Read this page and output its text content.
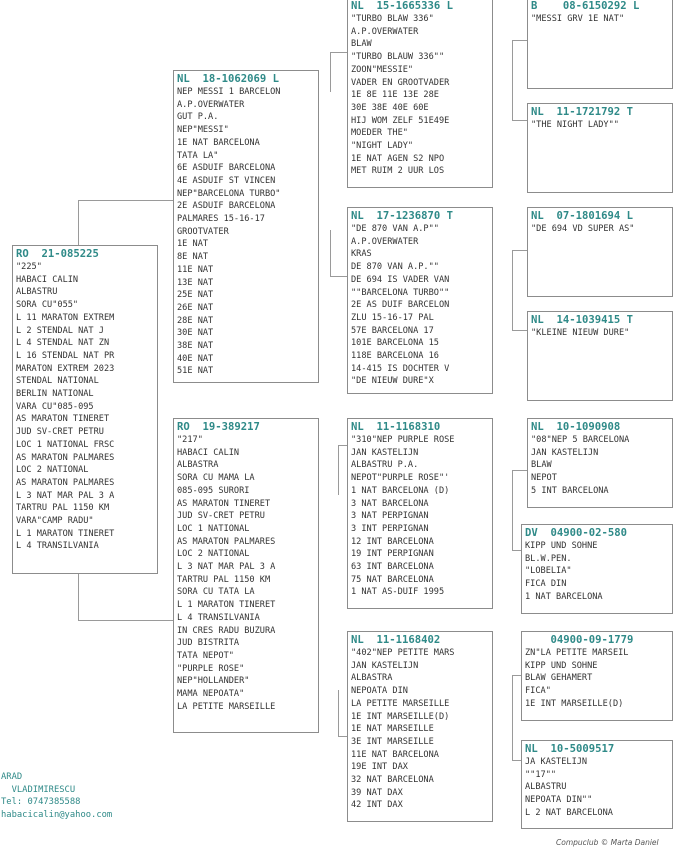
RO  21-085225
"225"
HABACI CALIN
ALBASTRU
SORA CU"055"
L 11 MARATON EXTREM
L 2 STENDAL NAT J
L 4 STENDAL NAT ZN
L 16 STENDAL NAT PR
MARATON EXTREM 2023
STENDAL NATIONAL
BERLIN NATIONAL
VARA CU"085-095
AS MARATON TINERET
JUD SV-CRET PETRU
LOC 1 NATIONAL FRSC
AS MARATON PALMARES
LOC 2 NATIONAL
AS MARATON PALMARES
L 3 NAT MAR PAL 3 A
TARTRU PAL 1150 KM
VARA"CAMP RADU"
L 1 MARATON TINERET
L 4 TRANSILVANIA
NL  18-1062069 L
NEP MESSI 1 BARCELON
A.P.OVERWATER
GUT P.A.
NEP"MESSI"
1E NAT BARCELONA
TATA LA"
6E ASDUIF BARCELONA
4E ASDUIF ST VINCEN
NEP"BARCELONA TURBO"
2E ASDUIF BARCELONA
PALMARES 15-16-17
GROOTVATER
1E NAT
8E NAT
11E NAT
13E NAT
25E NAT
26E NAT
28E NAT
30E NAT
38E NAT
40E NAT
51E NAT
RO  19-389217
"217"
HABACI CALIN
ALBASTRA
SORA CU MAMA LA
085-095 SURORI
AS MARATON TINERET
JUD SV-CRET PETRU
LOC 1 NATIONAL
AS MARATON PALMARES
LOC 2 NATIONAL
L 3 NAT MAR PAL 3 A
TARTRU PAL 1150 KM
SORA CU TATA LA
L 1 MARATON TINERET
L 4 TRANSILVANIA
IN CRES RADU BUZURA
JUD BISTRITA
TATA NEPOT"
"PURPLE ROSE"
NEP"HOLLANDER"
MAMA NEPOATA"
LA PETITE MARSEILLE
NL  15-1665336 L
"TURBO BLAW 336"
A.P.OVERWATER
BLAW
"TURBO BLAUW 336""
ZOON"MESSIE"
VADER EN GROOTVADER
1E 8E 11E 13E 28E
30E 38E 40E 60E
HIJ WOM ZELF 51E49E
MOEDER THE"
"NIGHT LADY"
1E NAT AGEN S2 NPO
MET RUIM 2 UUR LOS
NL  17-1236870 T
"DE 870 VAN A.P""
A.P.OVERWATER
KRAS
DE 870 VAN A.P.""
DE 694 IS VADER VAN
""BARCELONA TURBO""
2E AS DUIF BARCELON
ZLU 15-16-17 PAL
57E BARCELONA 17
101E BARCELONA 15
118E BARCELONA 16
14-415 IS DOCHTER V
"DE NIEUW DURE"X
NL  11-1168310
"310"NEP PURPLE ROSE
JAN KASTELIJN
ALBASTRU P.A.
NEPOT"PURPLE ROSE"'
1 NAT BARCELONA (D)
3 NAT BARCELONA
3 NAT PERPIGNAN
3 INT PERPIGNAN
12 INT BARCELONA
19 INT PERPIGNAN
63 INT BARCELONA
75 NAT BARCELONA
1 NAT AS-DUIF 1995
NL  11-1168402
"402"NEP PETITE MARS
JAN KASTELIJN
ALBASTRA
NEPOATA DIN
LA PETITE MARSEILLE
1E INT MARSEILLE(D)
1E NAT MARSEILLE
3E INT MARSEILLE
11E NAT BARCELONA
19E INT DAX
32 NAT BARCELONA
39 NAT DAX
42 INT DAX
B    08-6150292 L
"MESSI GRV 1E NAT"
NL  11-1721792 T
"THE NIGHT LADY""
NL  07-1801694 L
"DE 694 VD SUPER AS"
NL  14-1039415 T
"KLEINE NIEUW DURE"
NL  10-1090908
"08"NEP 5 BARCELONA
JAN KASTELIJN
BLAW
NEPOT
5 INT BARCELONA
DV  04900-02-580
KIPP UND SOHNE
BL.W.PEN.
"LOBELIA"
FICA DIN
1 NAT BARCELONA
04900-09-1779
ZN"LA PETITE MARSEIL
KIPP UND SOHNE
BLAW GEHAMERT
FICA"
1E INT MARSEILLE(D)
NL  10-5009517
JA KASTELIJN
""17""
ALBASTRU
NEPOATA DIN""
L 2 NAT BARCELONA
ARAD
VLADIMIRESCU
Tel: 0747385588
habacicalin@yahoo.com
Compuclub © Marta Daniel
